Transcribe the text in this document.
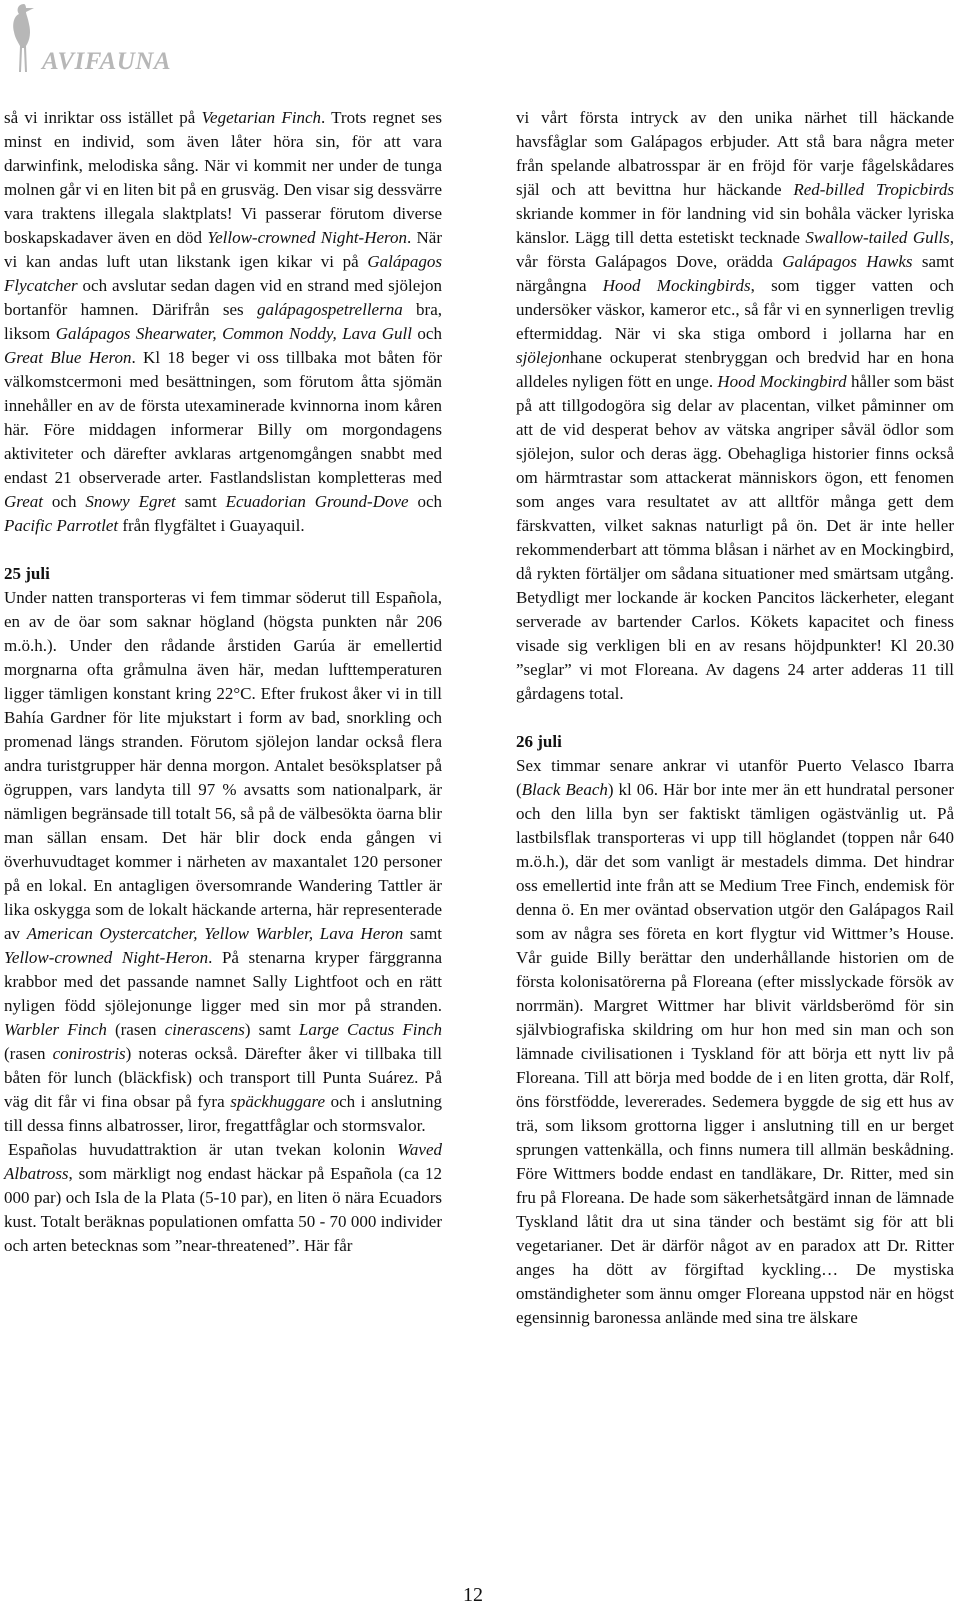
AVIFAUNA

så vi inriktar oss istället på Vegetarian Finch. Trots regnet ses minst en individ, som även låter höra sin, för att vara darwinfink, melodiska sång. När vi kommit ner under de tunga molnen går vi en liten bit på en grusväg. Den visar sig dessvärre vara traktens illegala slaktplats! Vi passerar förutom diverse boskapskadaver även en död Yellow-crowned Night-Heron. När vi kan andas luft utan likstank igen kikar vi på Galápagos Flycatcher och avslutar sedan dagen vid en strand med sjölejon bortanför hamnen. Därifrån ses galápagospetrellerna bra, liksom Galápagos Shearwater, Common Noddy, Lava Gull och Great Blue Heron. Kl 18 beger vi oss tillbaka mot båten för välkomstcermoni med besättningen, som förutom åtta sjömän innehåller en av de första utexaminerade kvinnorna inom kåren här. Före middagen informerar Billy om morgondagens aktiviteter och därefter avklaras artgenomgången snabbt med endast 21 observerade arter. Fastlandslistan kompletteras med Great och Snowy Egret samt Ecuadorian Ground-Dove och Pacific Parrotlet från flygfältet i Guayaquil.

25 juli

Under natten transporteras vi fem timmar söderut till Española, en av de öar som saknar högland (högsta punkten når 206 m.ö.h.). Under den rådande årstiden Garúa är emellertid morgnarna ofta gråmulna även här, medan lufttemperaturen ligger tämligen konstant kring 22°C. Efter frukost åker vi in till Bahía Gardner för lite mjukstart i form av bad, snorkling och promenad längs stranden. Förutom sjölejon landar också flera andra turistgrupper här denna morgon. Antalet besöksplatser på ögruppen, vars landyta till 97 % avsatts som nationalpark, är nämligen begränsade till totalt 56, så på de välbesökta öarna blir man sällan ensam. Det här blir dock enda gången vi överhuvudtaget kommer i närheten av maxantalet 120 personer på en lokal. En antagligen översomrande Wandering Tattler är lika oskygga som de lokalt häckande arterna, här representerade av American Oystercatcher, Yellow Warbler, Lava Heron samt Yellow-crowned Night-Heron. På stenarna kryper färggranna krabbor med det passande namnet Sally Lightfoot och en rätt nyligen född sjölejonunge ligger med sin mor på stranden. Warbler Finch (rasen cinerascens) samt Large Cactus Finch (rasen conirostris) noteras också. Därefter åker vi tillbaka till båten för lunch (bläckfisk) och transport till Punta Suárez. På väg dit får vi fina obsar på fyra späckhuggare och i anslutning till dessa finns albatrosser, liror, fregattfåglar och stormsvalor.

Españolas huvudattraktion är utan tvekan kolonin Waved Albatross, som märkligt nog endast häckar på Española (ca 12 000 par) och Isla de la Plata (5-10 par), en liten ö nära Ecuadors kust. Totalt beräknas populationen omfatta 50 - 70 000 individer och arten betecknas som ”near-threatened”. Här får

vi vårt första intryck av den unika närhet till häckande havsfåglar som Galápagos erbjuder. Att stå bara några meter från spelande albatrosspar är en fröjd för varje fågelskådares själ och att bevittna hur häckande Red-billed Tropicbirds skriande kommer in för landning vid sin bohåla väcker lyriska känslor. Lägg till detta estetiskt tecknade Swallow-tailed Gulls, vår första Galápagos Dove, orädda Galápagos Hawks samt närgångna Hood Mockingbirds, som tigger vatten och undersöker väskor, kameror etc., så får vi en synnerligen trevlig eftermiddag. När vi ska stiga ombord i jollarna har en sjölejonhane ockuperat stenbryggan och bredvid har en hona alldeles nyligen fött en unge. Hood Mockingbird håller som bäst på att tillgodogöra sig delar av placentan, vilket påminner om att de vid desperat behov av vätska angriper såväl ödlor som sjölejon, sulor och deras ägg. Obehagliga historier finns också om härmtrastar som attackerat människors ögon, ett fenomen som anges vara resultatet av att alltför många gett dem färskvatten, vilket saknas naturligt på ön. Det är inte heller rekommenderbart att tömma blåsan i närhet av en Mockingbird, då rykten förtäljer om sådana situationer med smärtsam utgång. Betydligt mer lockande är kocken Pancitos läckerheter, elegant serverade av bartender Carlos. Kökets kapacitet och finess visade sig verkligen bli en av resans höjdpunkter! Kl 20.30 ”seglar” vi mot Floreana. Av dagens 24 arter adderas 11 till gårdagens total.

26 juli

Sex timmar senare ankrar vi utanför Puerto Velasco Ibarra (Black Beach) kl 06. Här bor inte mer än ett hundratal personer och den lilla byn ser faktiskt tämligen ogästvänlig ut. På lastbilsflak transporteras vi upp till höglandet (toppen når 640 m.ö.h.), där det som vanligt är mestadels dimma. Det hindrar oss emellertid inte från att se Medium Tree Finch, endemisk för denna ö. En mer oväntad observation utgör den Galápagos Rail som av några ses företa en kort flygtur vid Wittmer’s House. Vår guide Billy berättar den underhållande historien om de första kolonisatörerna på Floreana (efter misslyckade försök av norrmän). Margret Wittmer har blivit världsberömd för sin självbiografiska skildring om hur hon med sin man och son lämnade civilisationen i Tyskland för att börja ett nytt liv på Floreana. Till att börja med bodde de i en liten grotta, där Rolf, öns förstfödde, levererades. Sedemera byggde de sig ett hus av trä, som liksom grottorna ligger i anslutning till en ur berget sprungen vattenkälla, och finns numera till allmän beskådning. Före Wittmers bodde endast en tandläkare, Dr. Ritter, med sin fru på Floreana. De hade som säkerhetsåtgärd innan de lämnade Tyskland låtit dra ut sina tänder och bestämt sig för att bli vegetarianer. Det är därför något av en paradox att Dr. Ritter anges ha dött av förgiftad kyckling… De mystiska omständigheter som ännu omger Floreana uppstod när en högst egensinnig baronessa anlände med sina tre älskare

12
